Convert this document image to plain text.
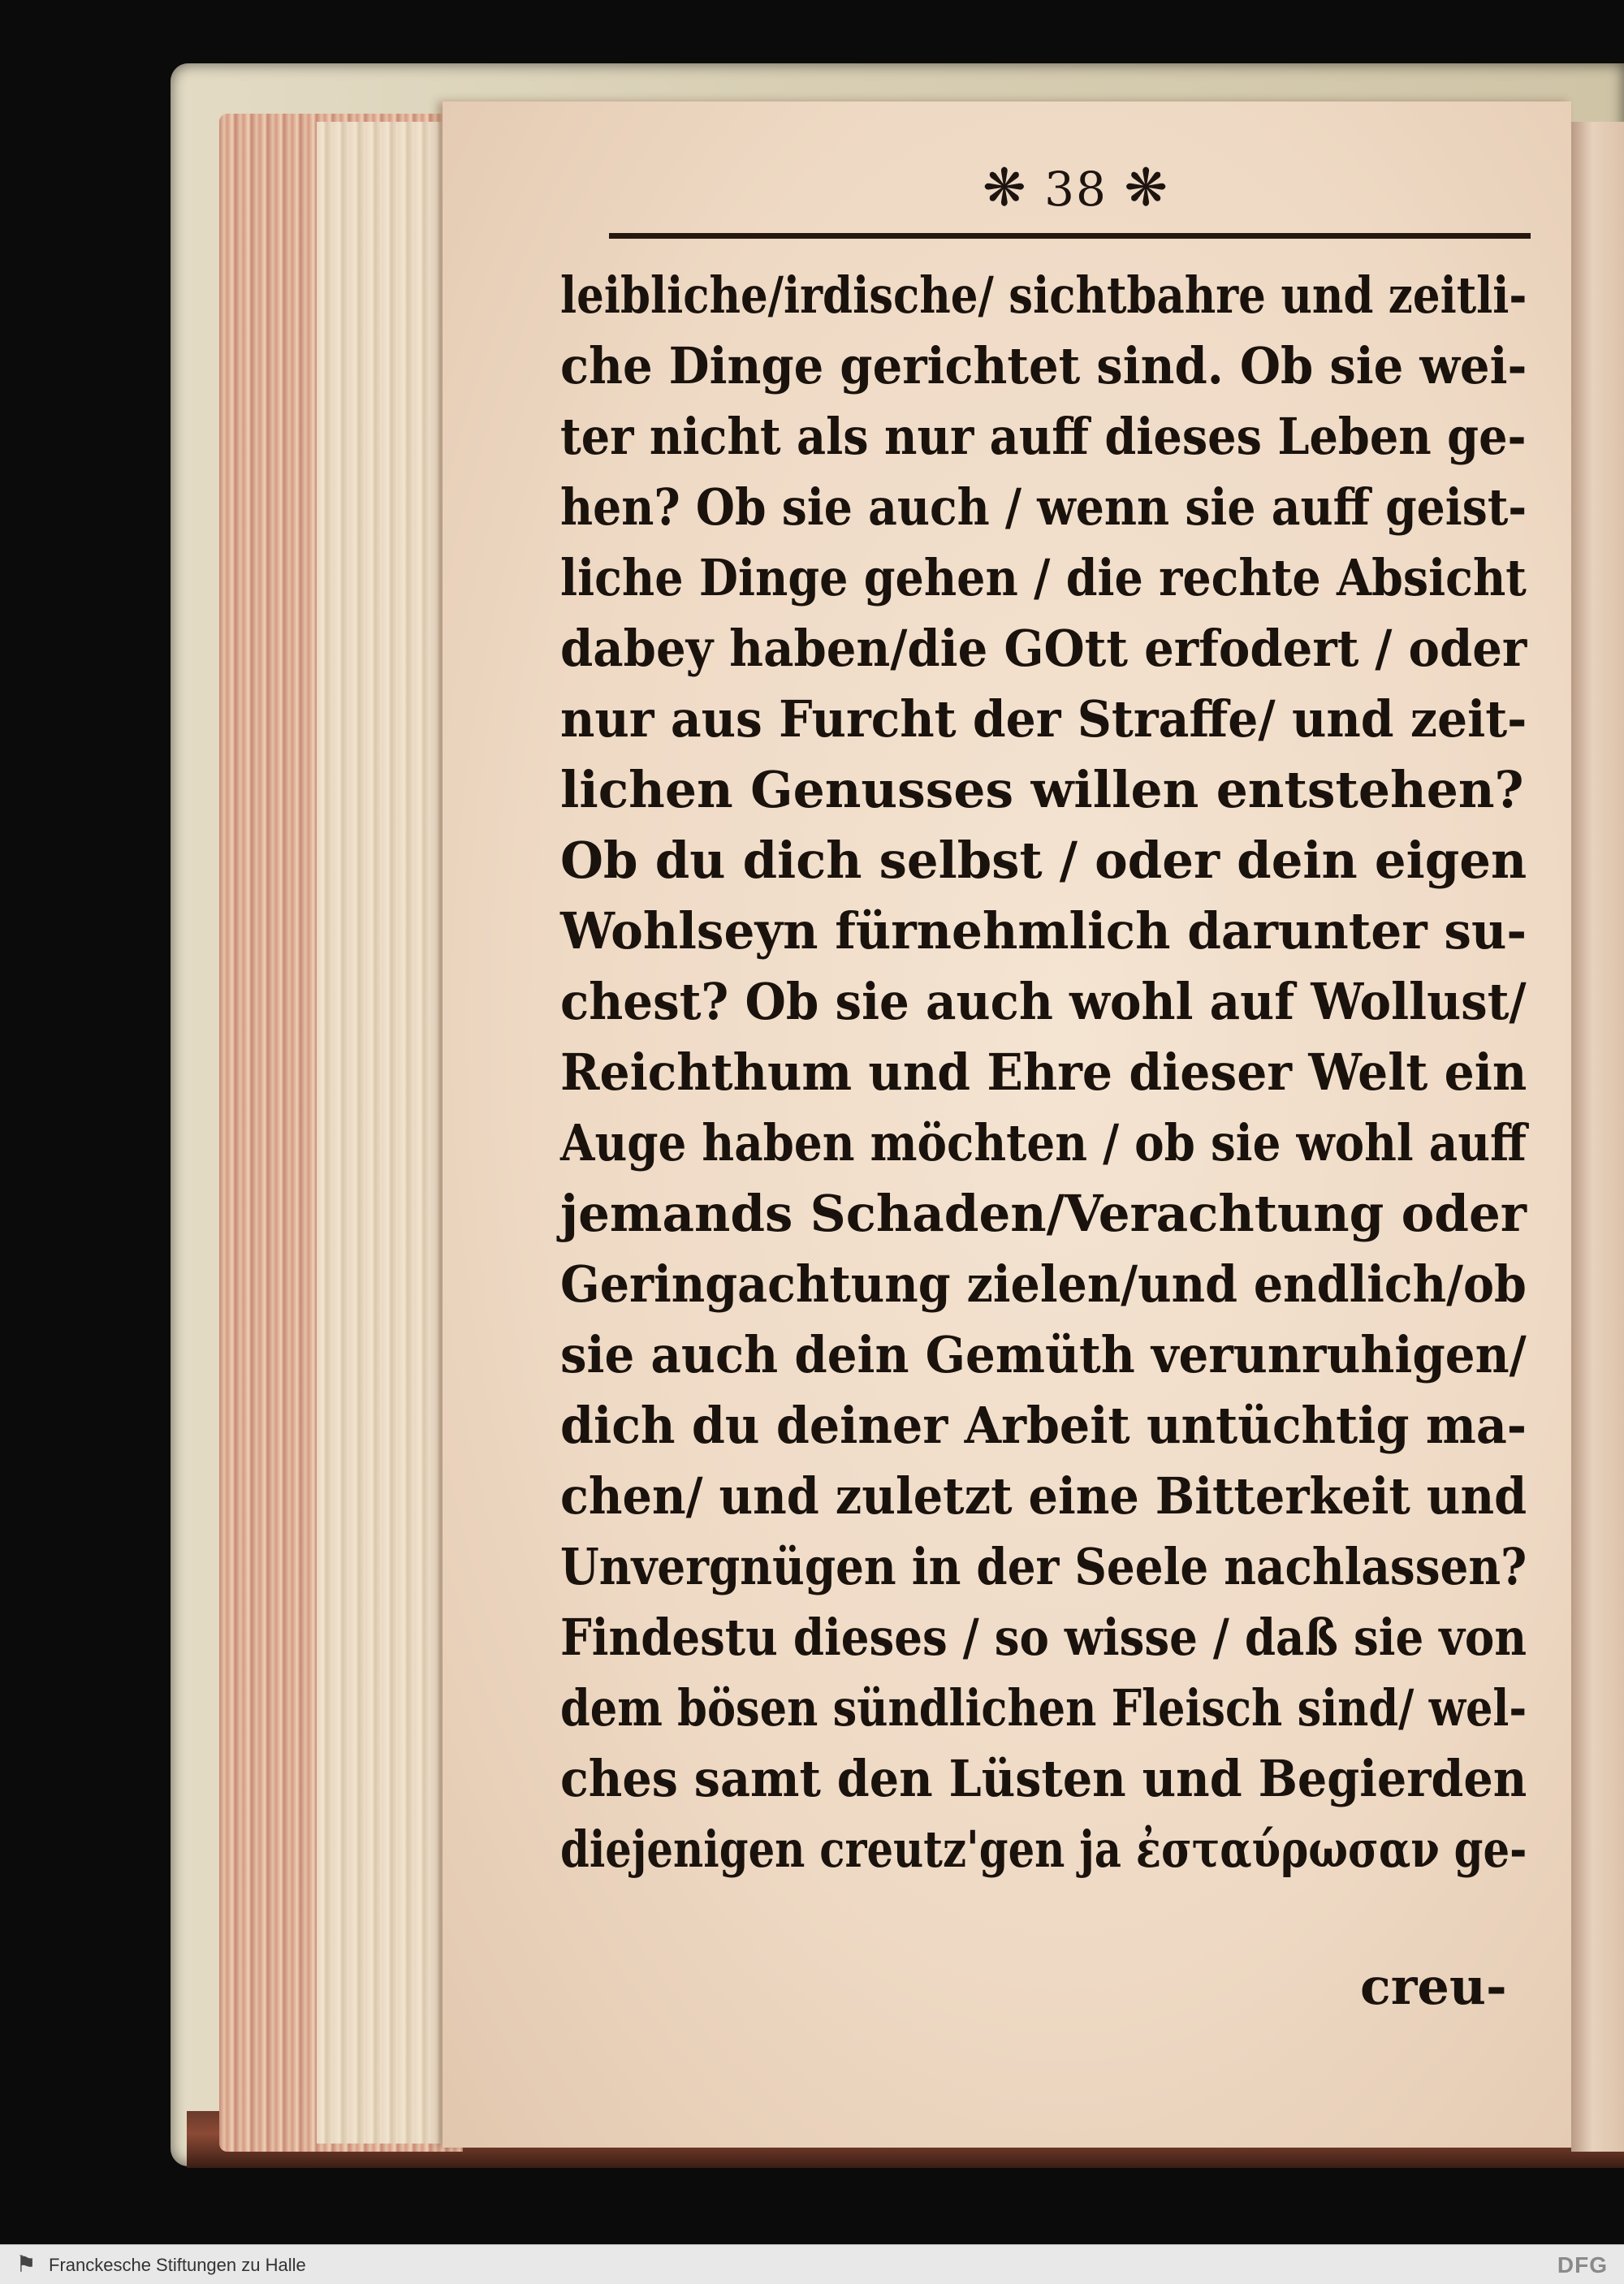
❋ 38 ❋
leibliche/irdische/ sichtbahre und zeitli-
che Dinge gerichtet sind. Ob sie wei-
ter nicht als nur auff dieses Leben ge-
hen? Ob sie auch / wenn sie auff geist-
liche Dinge gehen / die rechte Absicht
dabey haben/die GOtt erfodert / oder
nur aus Furcht der Straffe/ und zeit-
lichen Genusses willen entstehen?
Ob du dich selbst / oder dein eigen
Wohlseyn fürnehmlich darunter su-
chest? Ob sie auch wohl auf Wollust/
Reichthum und Ehre dieser Welt ein
Auge haben möchten / ob sie wohl auff
jemands Schaden/Verachtung oder
Geringachtung zielen/und endlich/ob
sie auch dein Gemüth verunruhigen/
dich du deiner Arbeit untüchtig ma-
chen/ und zuletzt eine Bitterkeit und
Unvergnügen in der Seele nachlassen?
Findestu dieses / so wisse / daß sie von
dem bösen sündlichen Fleisch sind/ wel-
ches samt den Lüsten und Begierden
diejenigen creutz'gen ja ἐσταύρωσαν ge-
creu-
⚑ Franckesche Stiftungen zu Halle	DFG
